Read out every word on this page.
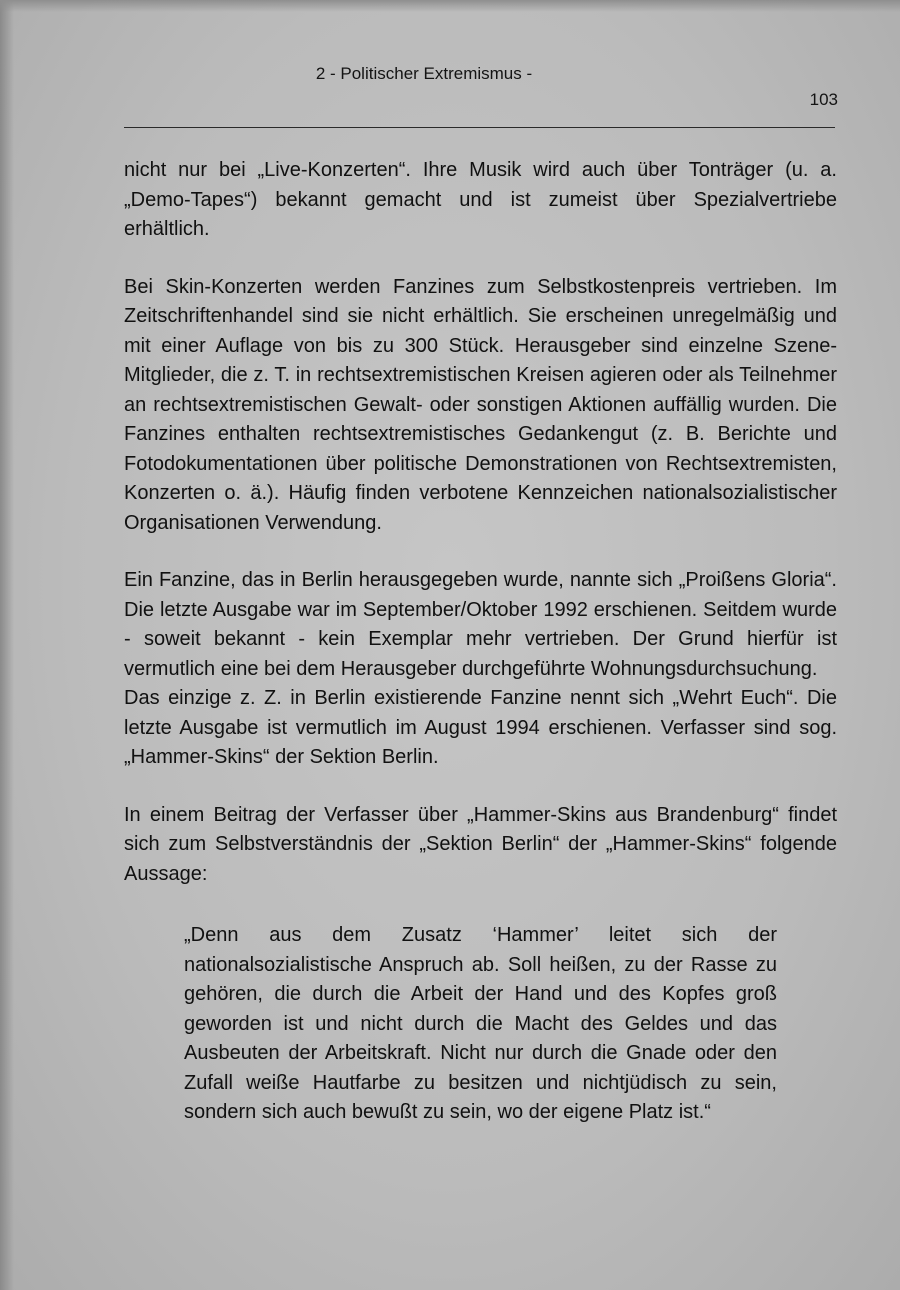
2 - Politischer Extremismus -
103

nicht nur bei „Live-Konzerten“. Ihre Musik wird auch über Tonträger (u. a. „Demo-Tapes“) bekannt gemacht und ist zumeist über Spezialvertriebe erhältlich.

Bei Skin-Konzerten werden Fanzines zum Selbstkostenpreis vertrieben. Im Zeitschriftenhandel sind sie nicht erhältlich. Sie erscheinen unregelmäßig und mit einer Auflage von bis zu 300 Stück. Herausgeber sind einzelne Szene-Mitglieder, die z. T. in rechtsextremistischen Kreisen agieren oder als Teilnehmer an rechtsextremistischen Gewalt- oder sonstigen Aktionen auffällig wurden. Die Fanzines enthalten rechtsextremistisches Gedankengut (z. B. Berichte und Fotodokumentationen über politische Demonstrationen von Rechtsextremisten, Konzerten o. ä.). Häufig finden verbotene Kennzeichen nationalsozialistischer Organisationen Verwendung.

Ein Fanzine, das in Berlin herausgegeben wurde, nannte sich „Proißens Gloria“. Die letzte Ausgabe war im September/Oktober 1992 erschienen. Seitdem wurde - soweit bekannt - kein Exemplar mehr vertrieben. Der Grund hierfür ist vermutlich eine bei dem Herausgeber durchgeführte Wohnungsdurchsuchung.

Das einzige z. Z. in Berlin existierende Fanzine nennt sich „Wehrt Euch“. Die letzte Ausgabe ist vermutlich im August 1994 erschienen. Verfasser sind sog. „Hammer-Skins“ der Sektion Berlin.

In einem Beitrag der Verfasser über „Hammer-Skins aus Brandenburg“ findet sich zum Selbstverständnis der „Sektion Berlin“ der „Hammer-Skins“ folgende Aussage:

„Denn aus dem Zusatz ‘Hammer’ leitet sich der nationalsozialistische Anspruch ab. Soll heißen, zu der Rasse zu gehören, die durch die Arbeit der Hand und des Kopfes groß geworden ist und nicht durch die Macht des Geldes und das Ausbeuten der Arbeitskraft. Nicht nur durch die Gnade oder den Zufall weiße Hautfarbe zu besitzen und nichtjüdisch zu sein, sondern sich auch bewußt zu sein, wo der eigene Platz ist.“
